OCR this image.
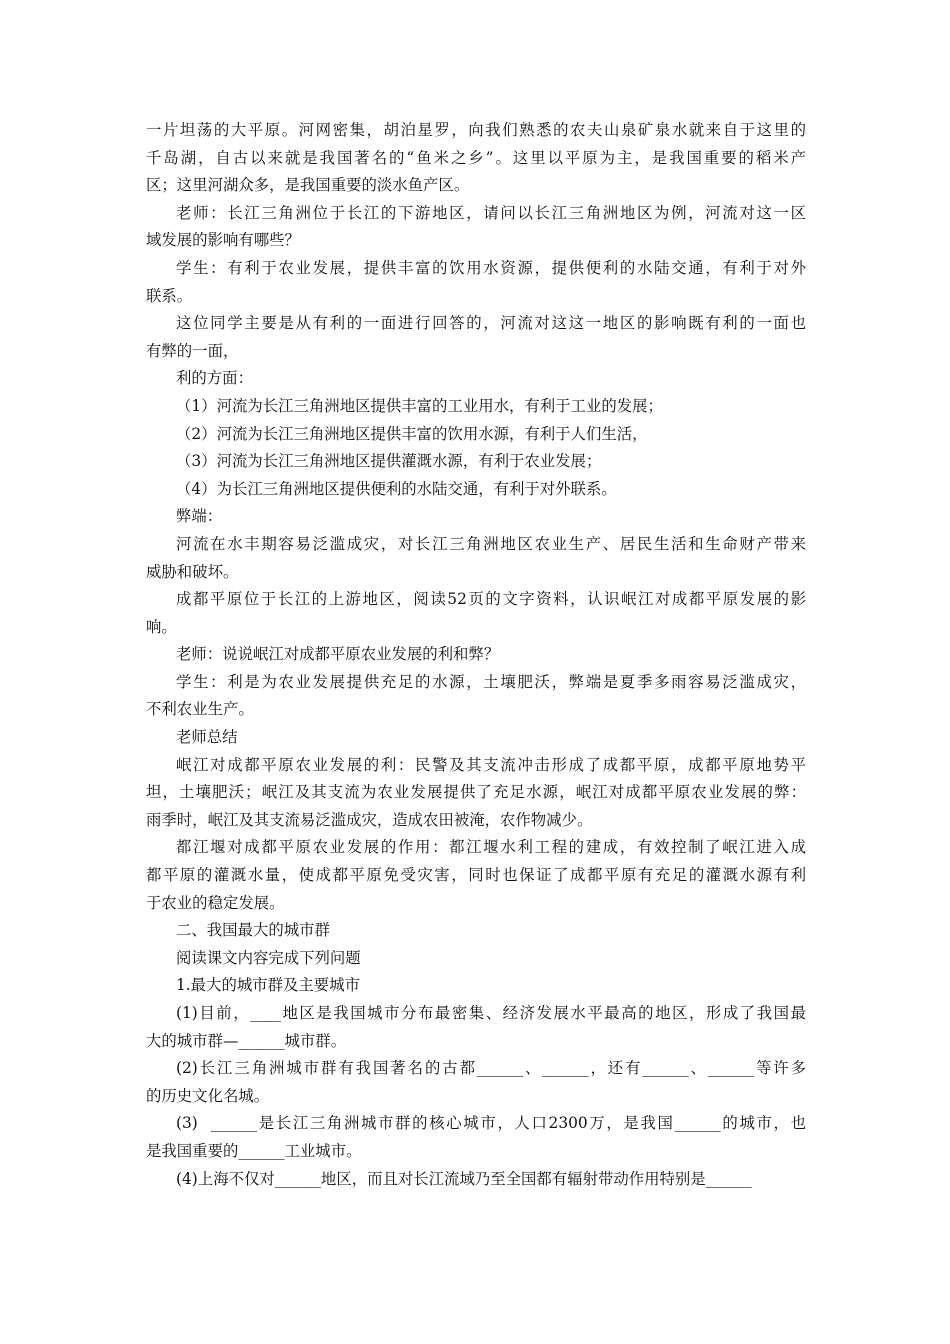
一片坦荡的大平原。河网密集，胡泊星罗，向我们熟悉的农夫山泉矿泉水就来自于这里的
千岛湖，自古以来就是我国著名的“鱼米之乡”。这里以平原为主，是我国重要的稻米产
区；这里河湖众多，是我国重要的淡水鱼产区。
老师：长江三角洲位于长江的下游地区，请问以长江三角洲地区为例，河流对这一区
域发展的影响有哪些？
学生：有利于农业发展，提供丰富的饮用水资源，提供便利的水陆交通，有利于对外
联系。
这位同学主要是从有利的一面进行回答的，河流对这这一地区的影响既有利的一面也
有弊的一面，
利的方面：
（1）河流为长江三角洲地区提供丰富的工业用水，有利于工业的发展；
（2）河流为长江三角洲地区提供丰富的饮用水源，有利于人们生活，
（3）河流为长江三角洲地区提供灌溉水源，有利于农业发展；
（4）为长江三角洲地区提供便利的水陆交通，有利于对外联系。
弊端：
河流在水丰期容易泛滥成灾，对长江三角洲地区农业生产、居民生活和生命财产带来
威胁和破坏。
成都平原位于长江的上游地区，阅读52页的文字资料，认识岷江对成都平原发展的影
响。
老师：说说岷江对成都平原农业发展的利和弊？
学生：利是为农业发展提供充足的水源，土壤肥沃，弊端是夏季多雨容易泛滥成灾，
不利农业生产。
老师总结
岷江对成都平原农业发展的利：民警及其支流冲击形成了成都平原，成都平原地势平
坦，土壤肥沃；岷江及其支流为农业发展提供了充足水源，岷江对成都平原农业发展的弊：
雨季时，岷江及其支流易泛滥成灾，造成农田被淹，农作物减少。
都江堰对成都平原农业发展的作用：都江堰水利工程的建成，有效控制了岷江进入成
都平原的灌溉水量，使成都平原免受灾害，同时也保证了成都平原有充足的灌溉水源有利
于农业的稳定发展。
二、我国最大的城市群
阅读课文内容完成下列问题
1.最大的城市群及主要城市
(1)目前，____地区是我国城市分布最密集、经济发展水平最高的地区，形成了我国最
大的城市群—______城市群。
(2)长江三角洲城市群有我国著名的古都______、______，还有______、______等许多
的历史文化名城。
(3)  ______是长江三角洲城市群的核心城市，人口2300万，是我国______的城市，也
是我国重要的______工业城市。
(4)上海不仅对______地区，而且对长江流域乃至全国都有辐射带动作用特别是______
